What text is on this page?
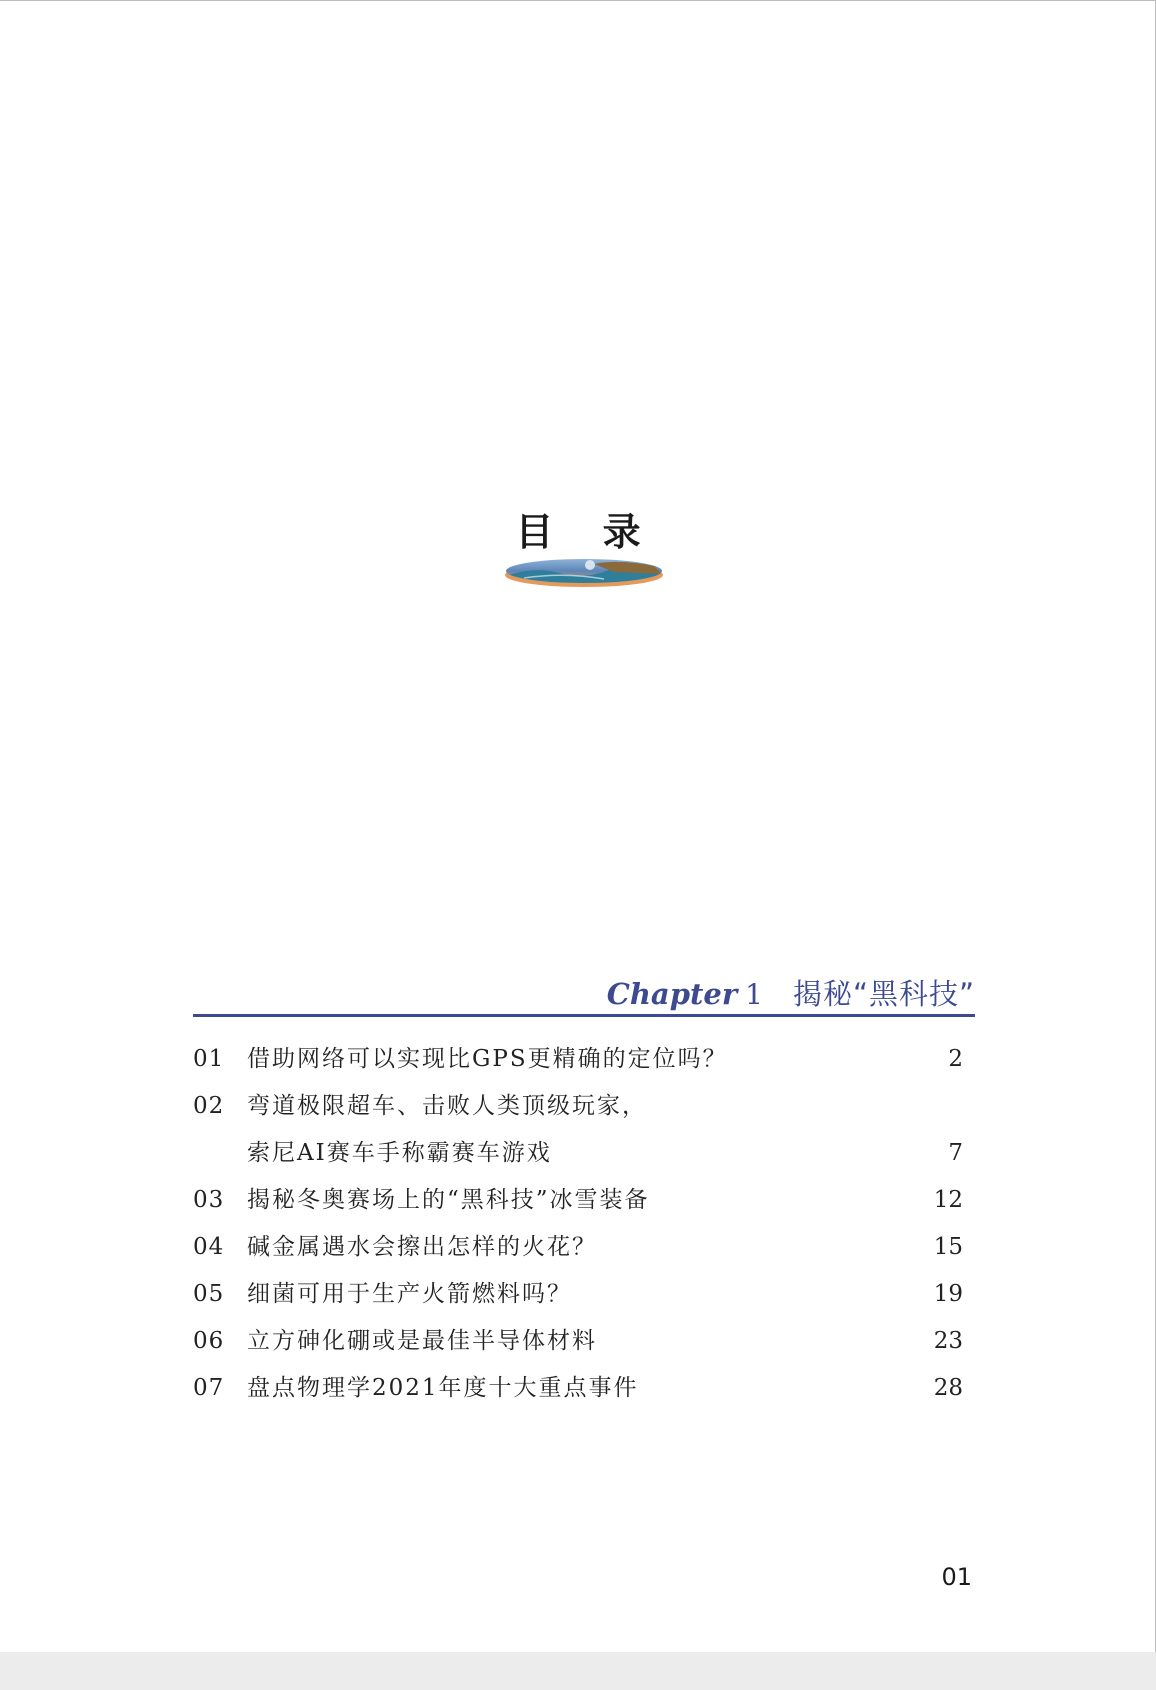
目 录
Chapter 1 揭秘“黑科技”
01 借助网络可以实现比GPS更精确的定位吗？	2
02 弯道极限超车、击败人类顶级玩家，
索尼AI赛车手称霸赛车游戏	7
03 揭秘冬奥赛场上的“黑科技”冰雪装备	12
04 碱金属遇水会擦出怎样的火花？	15
05 细菌可用于生产火箭燃料吗？	19
06 立方砷化硼或是最佳半导体材料	23
07 盘点物理学2021年度十大重点事件	28
01
